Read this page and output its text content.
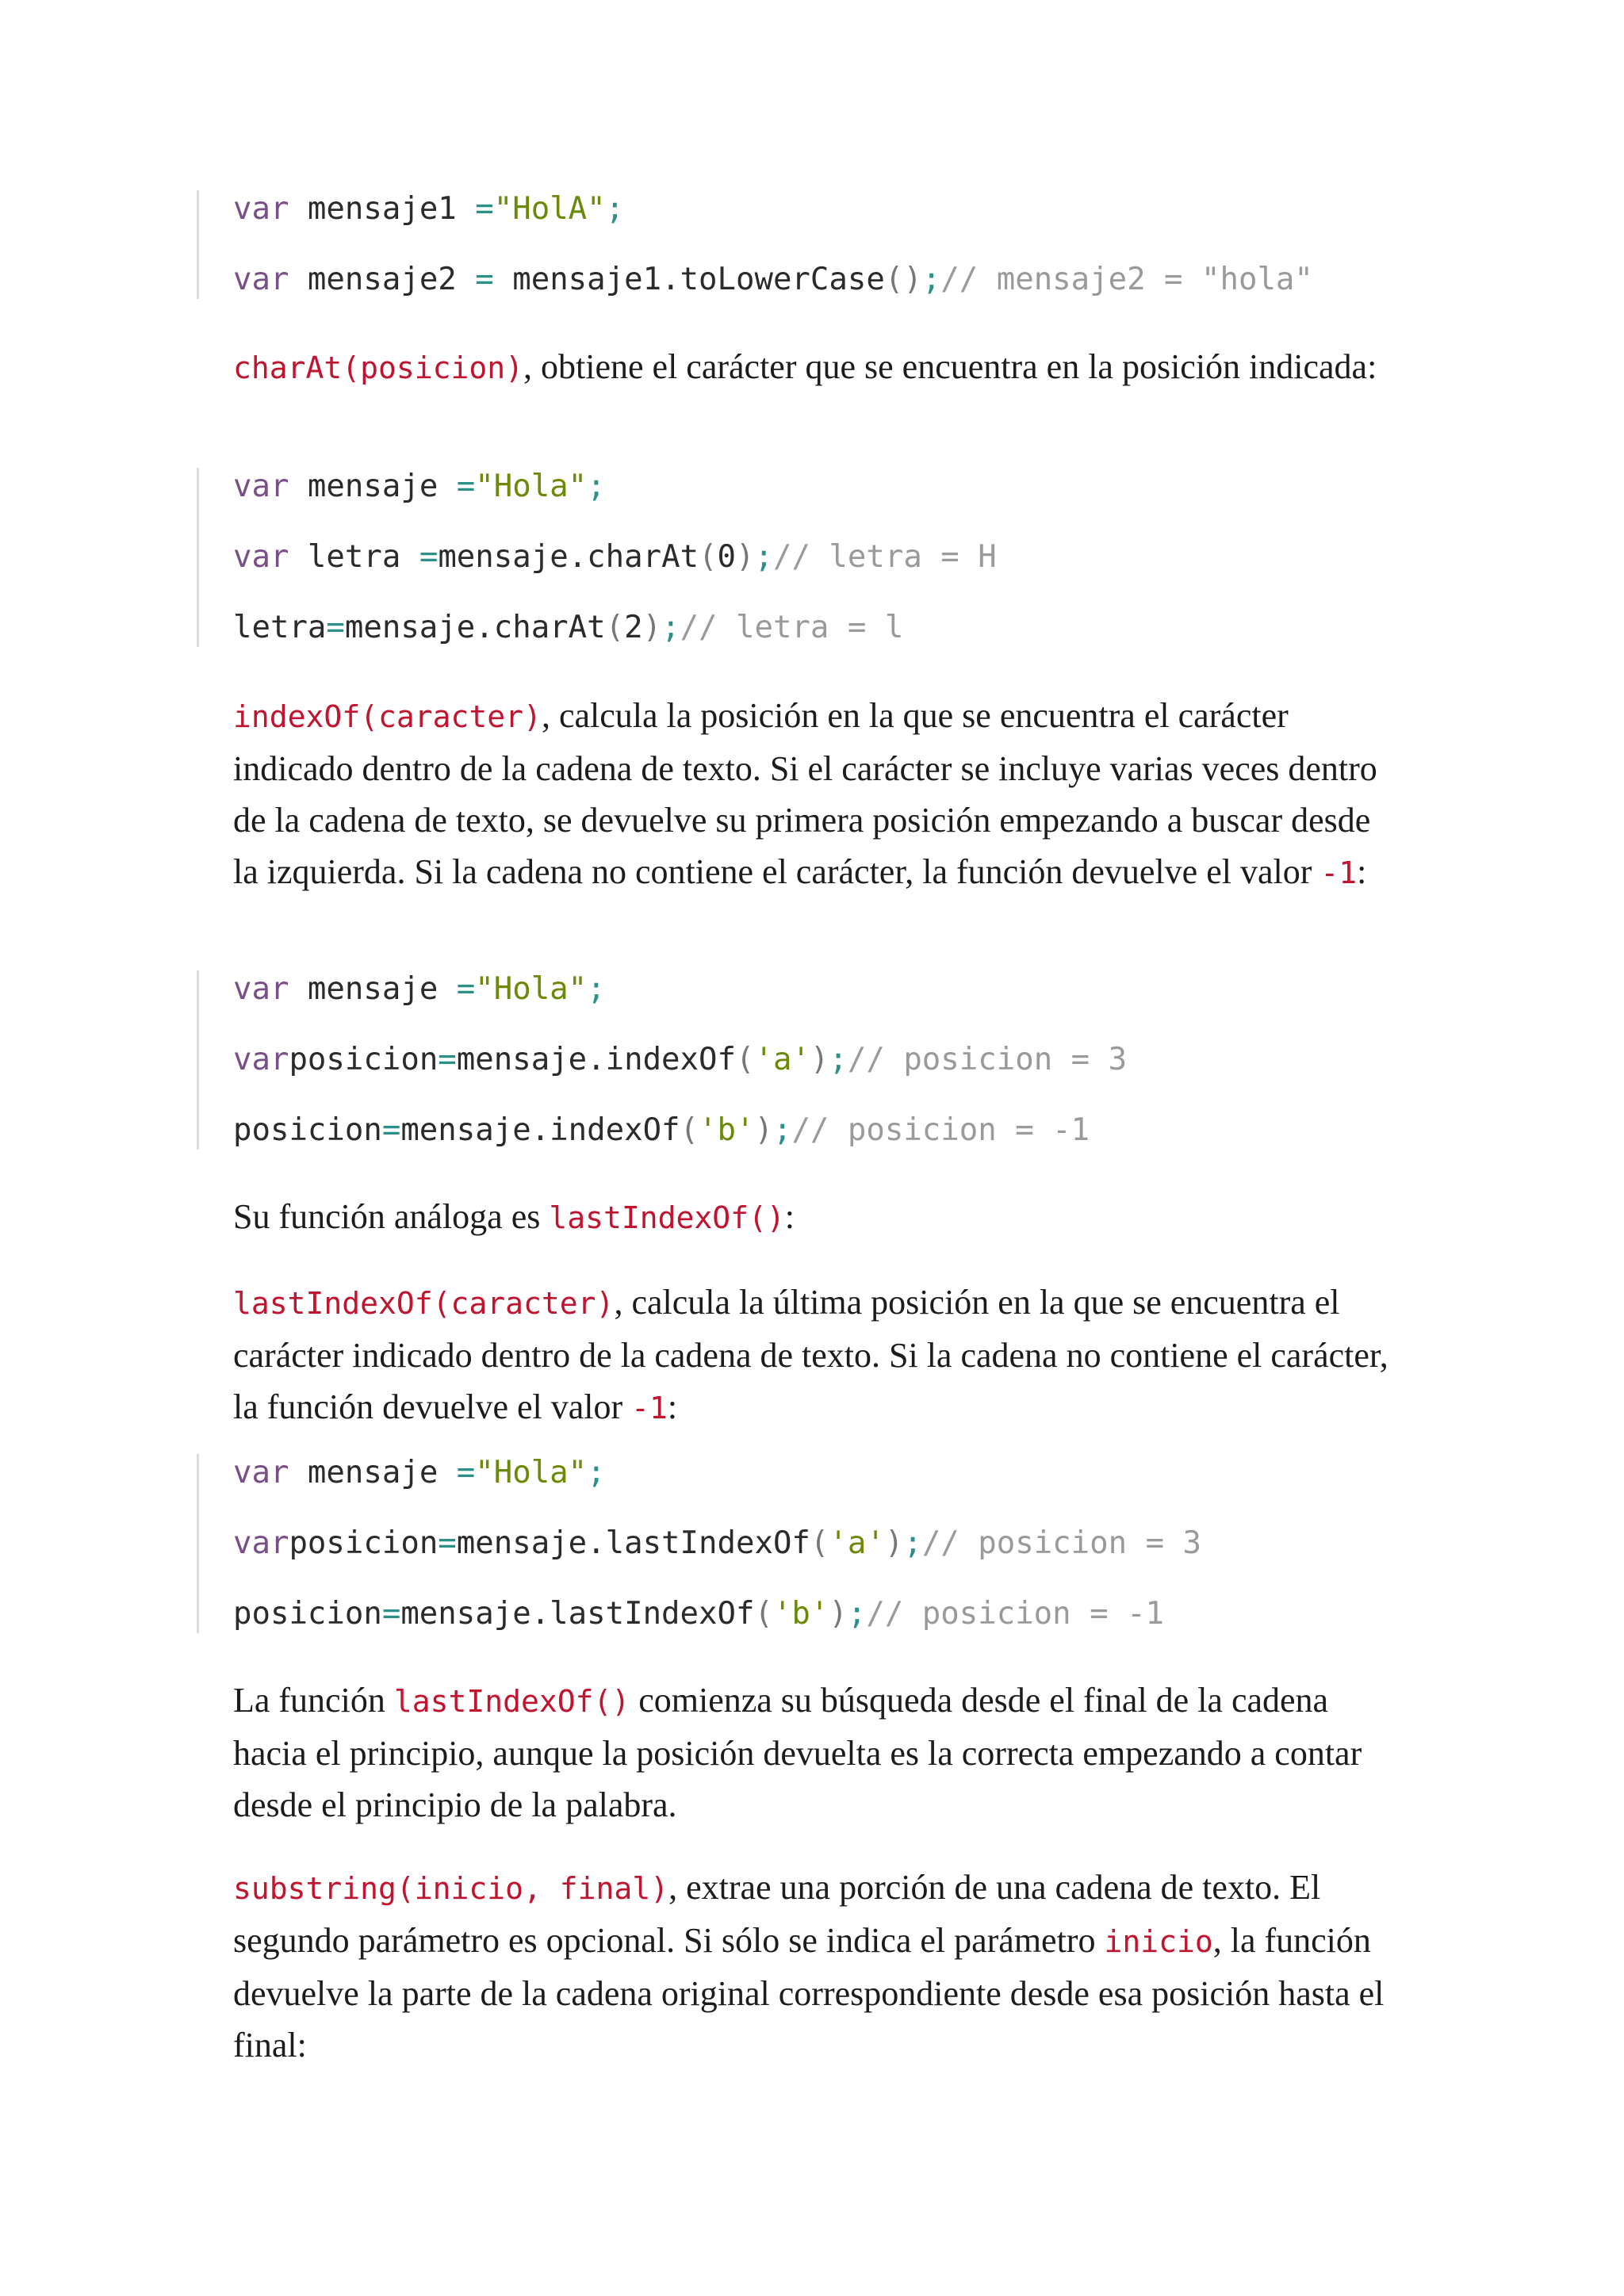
var mensaje1 ="HolA";
var mensaje2 = mensaje1.toLowerCase();// mensaje2 = "hola"

charAt(posicion), obtiene el carácter que se encuentra en la posición indicada:

var mensaje ="Hola";
var letra =mensaje.charAt(0);// letra = H
letra=mensaje.charAt(2);// letra = l

indexOf(caracter), calcula la posición en la que se encuentra el carácter indicado dentro de la cadena de texto. Si el carácter se incluye varias veces dentro de la cadena de texto, se devuelve su primera posición empezando a buscar desde la izquierda. Si la cadena no contiene el carácter, la función devuelve el valor -1:

var mensaje ="Hola";
varposicion=mensaje.indexOf('a');// posicion = 3
posicion=mensaje.indexOf('b');// posicion = -1

Su función análoga es lastIndexOf():

lastIndexOf(caracter), calcula la última posición en la que se encuentra el carácter indicado dentro de la cadena de texto. Si la cadena no contiene el carácter, la función devuelve el valor -1:

var mensaje ="Hola";
varposicion=mensaje.lastIndexOf('a');// posicion = 3
posicion=mensaje.lastIndexOf('b');// posicion = -1

La función lastIndexOf() comienza su búsqueda desde el final de la cadena hacia el principio, aunque la posición devuelta es la correcta empezando a contar desde el principio de la palabra.

substring(inicio, final), extrae una porción de una cadena de texto. El segundo parámetro es opcional. Si sólo se indica el parámetro inicio, la función devuelve la parte de la cadena original correspondiente desde esa posición hasta el final:
